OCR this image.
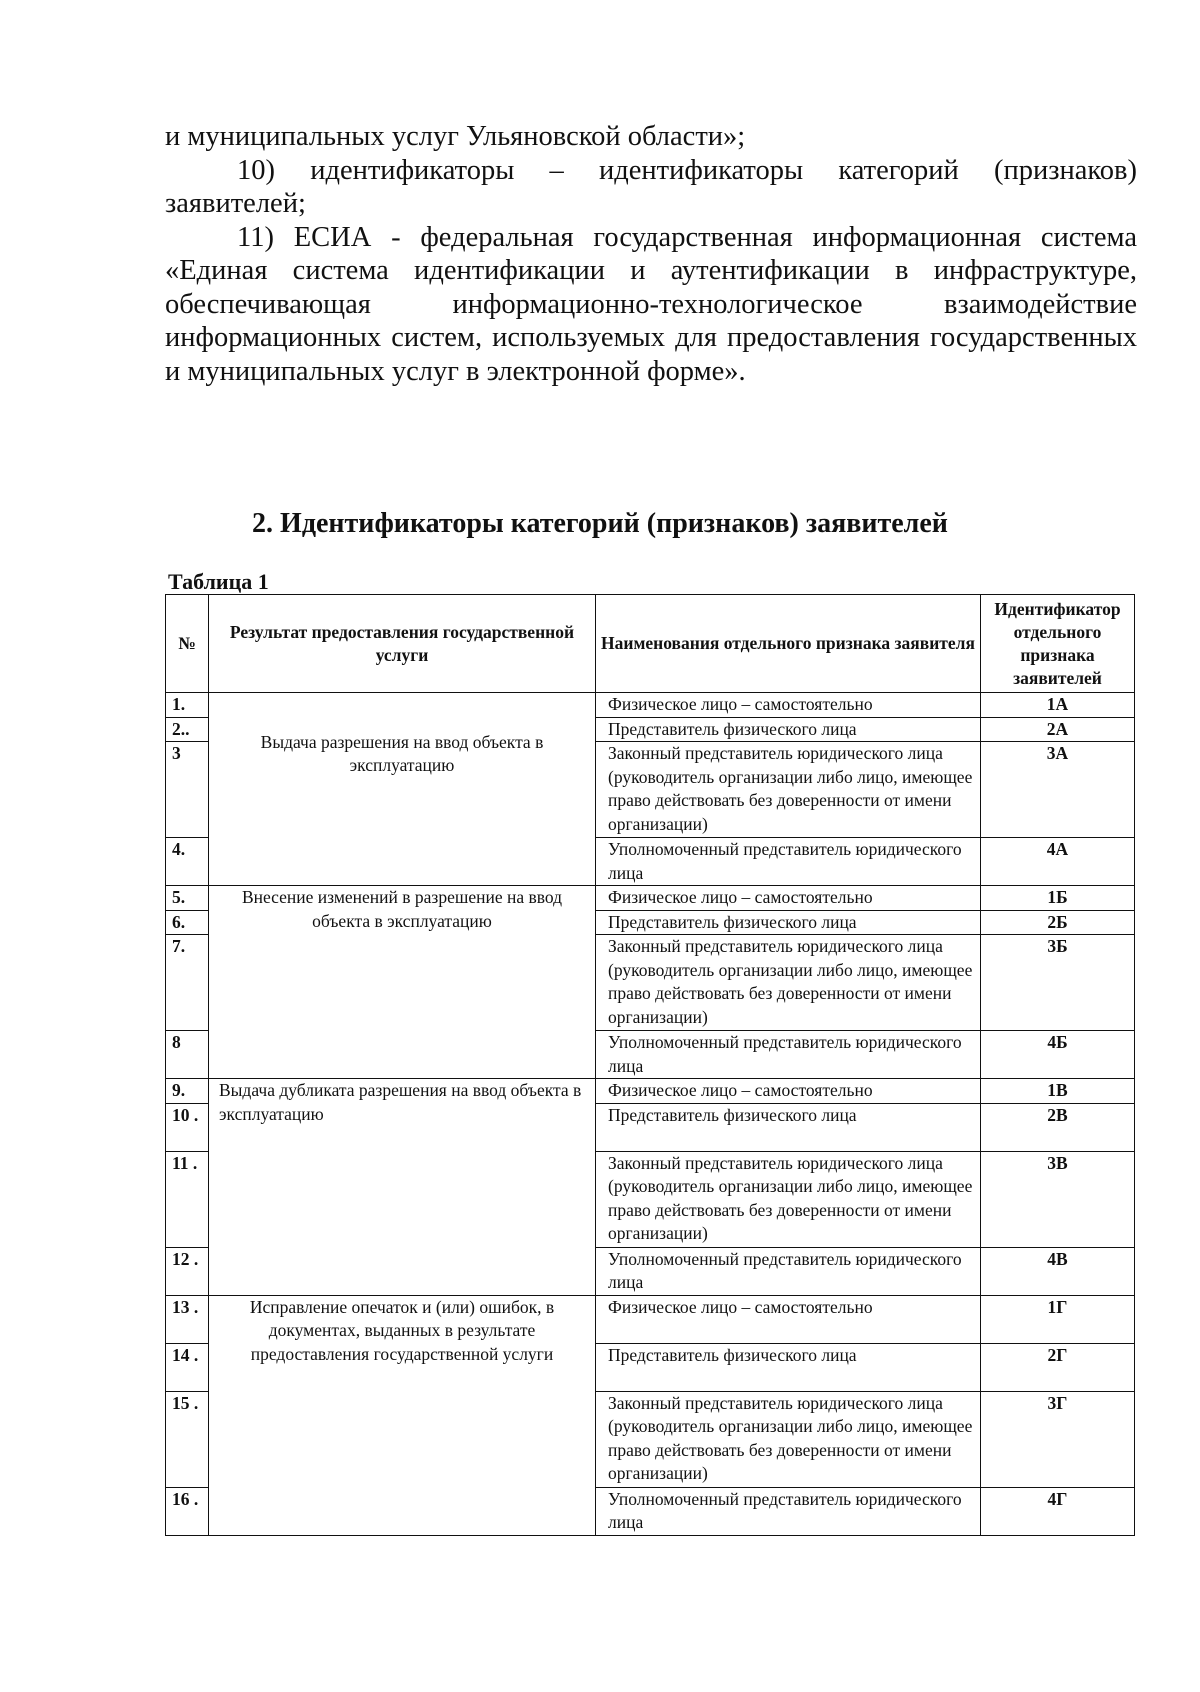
и муниципальных услуг Ульяновской области»;

10) идентификаторы – идентификаторы категорий (признаков) заявителей;

11) ЕСИА - федеральная государственная информационная система «Единая система идентификации и аутентификации в инфраструктуре, обеспечивающая информационно-технологическое взаимодействие информационных систем, используемых для предоставления государственных и муниципальных услуг в электронной форме».

2. Идентификаторы категорий (признаков) заявителей

Таблица 1

№	Результат предоставления государственной услуги	Наименования отдельного признака заявителя	Идентификатор отдельного признака заявителей
1.	Выдача разрешения на ввод объекта в эксплуатацию	Физическое лицо – самостоятельно	1А
2..		Представитель физического лица	2А
3		Законный представитель юридического лица (руководитель организации либо лицо, имеющее право действовать без доверенности от имени организации)	3А
4.		Уполномоченный представитель юридического лица	4А
5.	Внесение изменений в разрешение на ввод объекта в эксплуатацию	Физическое лицо – самостоятельно	1Б
6.		Представитель физического лица	2Б
7.		Законный представитель юридического лица (руководитель организации либо лицо, имеющее право действовать без доверенности от имени организации)	3Б
8		Уполномоченный представитель юридического лица	4Б
9.	Выдача дубликата разрешения на ввод объекта в эксплуатацию	Физическое лицо – самостоятельно	1В
10 .		Представитель физического лица	2В
11 .		Законный представитель юридического лица (руководитель организации либо лицо, имеющее право действовать без доверенности от имени организации)	3В
12 .		Уполномоченный представитель юридического лица	4В
13 .	Исправление опечаток и (или) ошибок, в документах, выданных в результате предоставления государственной услуги	Физическое лицо – самостоятельно	1Г
14 .		Представитель физического лица	2Г
15 .		Законный представитель юридического лица (руководитель организации либо лицо, имеющее право действовать без доверенности от имени организации)	3Г
16 .		Уполномоченный представитель юридического лица	4Г
